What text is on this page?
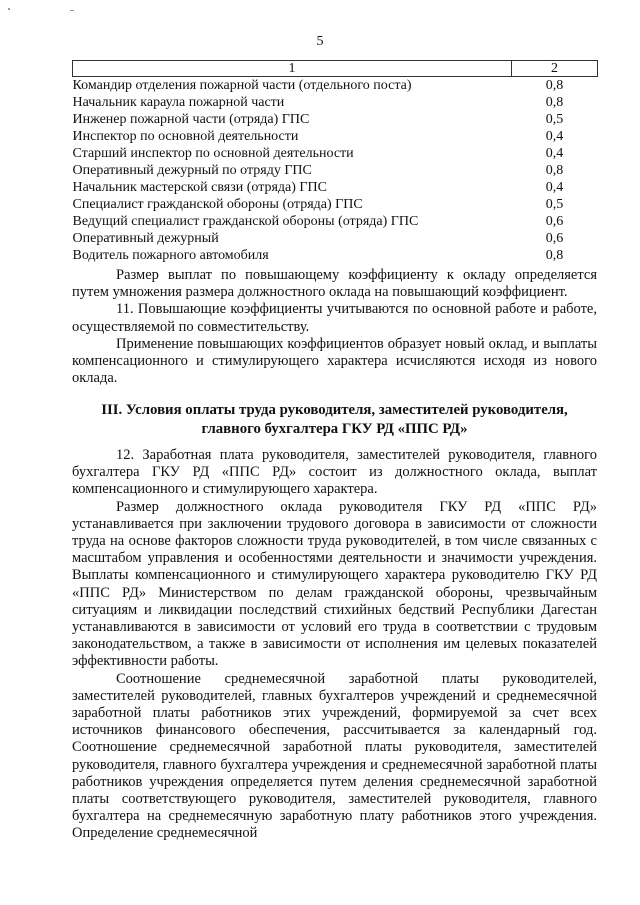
5
1	2
Командир отделения пожарной части (отдельного поста)	0,8
Начальник караула пожарной части	0,8
Инженер пожарной части (отряда) ГПС	0,5
Инспектор по основной деятельности	0,4
Старший инспектор по основной деятельности	0,4
Оперативный дежурный по отряду ГПС	0,8
Начальник мастерской связи (отряда) ГПС	0,4
Специалист гражданской обороны (отряда) ГПС	0,5
Ведущий специалист гражданской обороны (отряда) ГПС	0,6
Оперативный дежурный	0,6
Водитель пожарного автомобиля	0,8

Размер выплат по повышающему коэффициенту к окладу определяется путем умножения размера должностного оклада на повышающий коэффициент.

11. Повышающие коэффициенты учитываются по основной работе и работе, осуществляемой по совместительству.

Применение повышающих коэффициентов образует новый оклад, и выплаты компенсационного и стимулирующего характера исчисляются исходя из нового оклада.

III. Условия оплаты труда руководителя, заместителей руководителя, главного бухгалтера ГКУ РД «ППС РД»

12. Заработная плата руководителя, заместителей руководителя, главного бухгалтера ГКУ РД «ППС РД» состоит из должностного оклада, выплат компенсационного и стимулирующего характера.

Размер должностного оклада руководителя ГКУ РД «ППС РД» устанавливается при заключении трудового договора в зависимости от сложности труда на основе факторов сложности труда руководителей, в том числе связанных с масштабом управления и особенностями деятельности и значимости учреждения. Выплаты компенсационного и стимулирующего характера руководителю ГКУ РД «ППС РД» Министерством по делам гражданской обороны, чрезвычайным ситуациям и ликвидации последствий стихийных бедствий Республики Дагестан устанавливаются в зависимости от условий его труда в соответствии с трудовым законодательством, а также в зависимости от исполнения им целевых показателей эффективности работы.

Соотношение среднемесячной заработной платы руководителей, заместителей руководителей, главных бухгалтеров учреждений и среднемесячной заработной платы работников этих учреждений, формируемой за счет всех источников финансового обеспечения, рассчитывается за календарный год. Соотношение среднемесячной заработной платы руководителя, заместителей руководителя, главного бухгалтера учреждения и среднемесячной заработной платы работников учреждения определяется путем деления среднемесячной заработной платы соответствующего руководителя, заместителей руководителя, главного бухгалтера на среднемесячную заработную плату работников этого учреждения. Определение среднемесячной
